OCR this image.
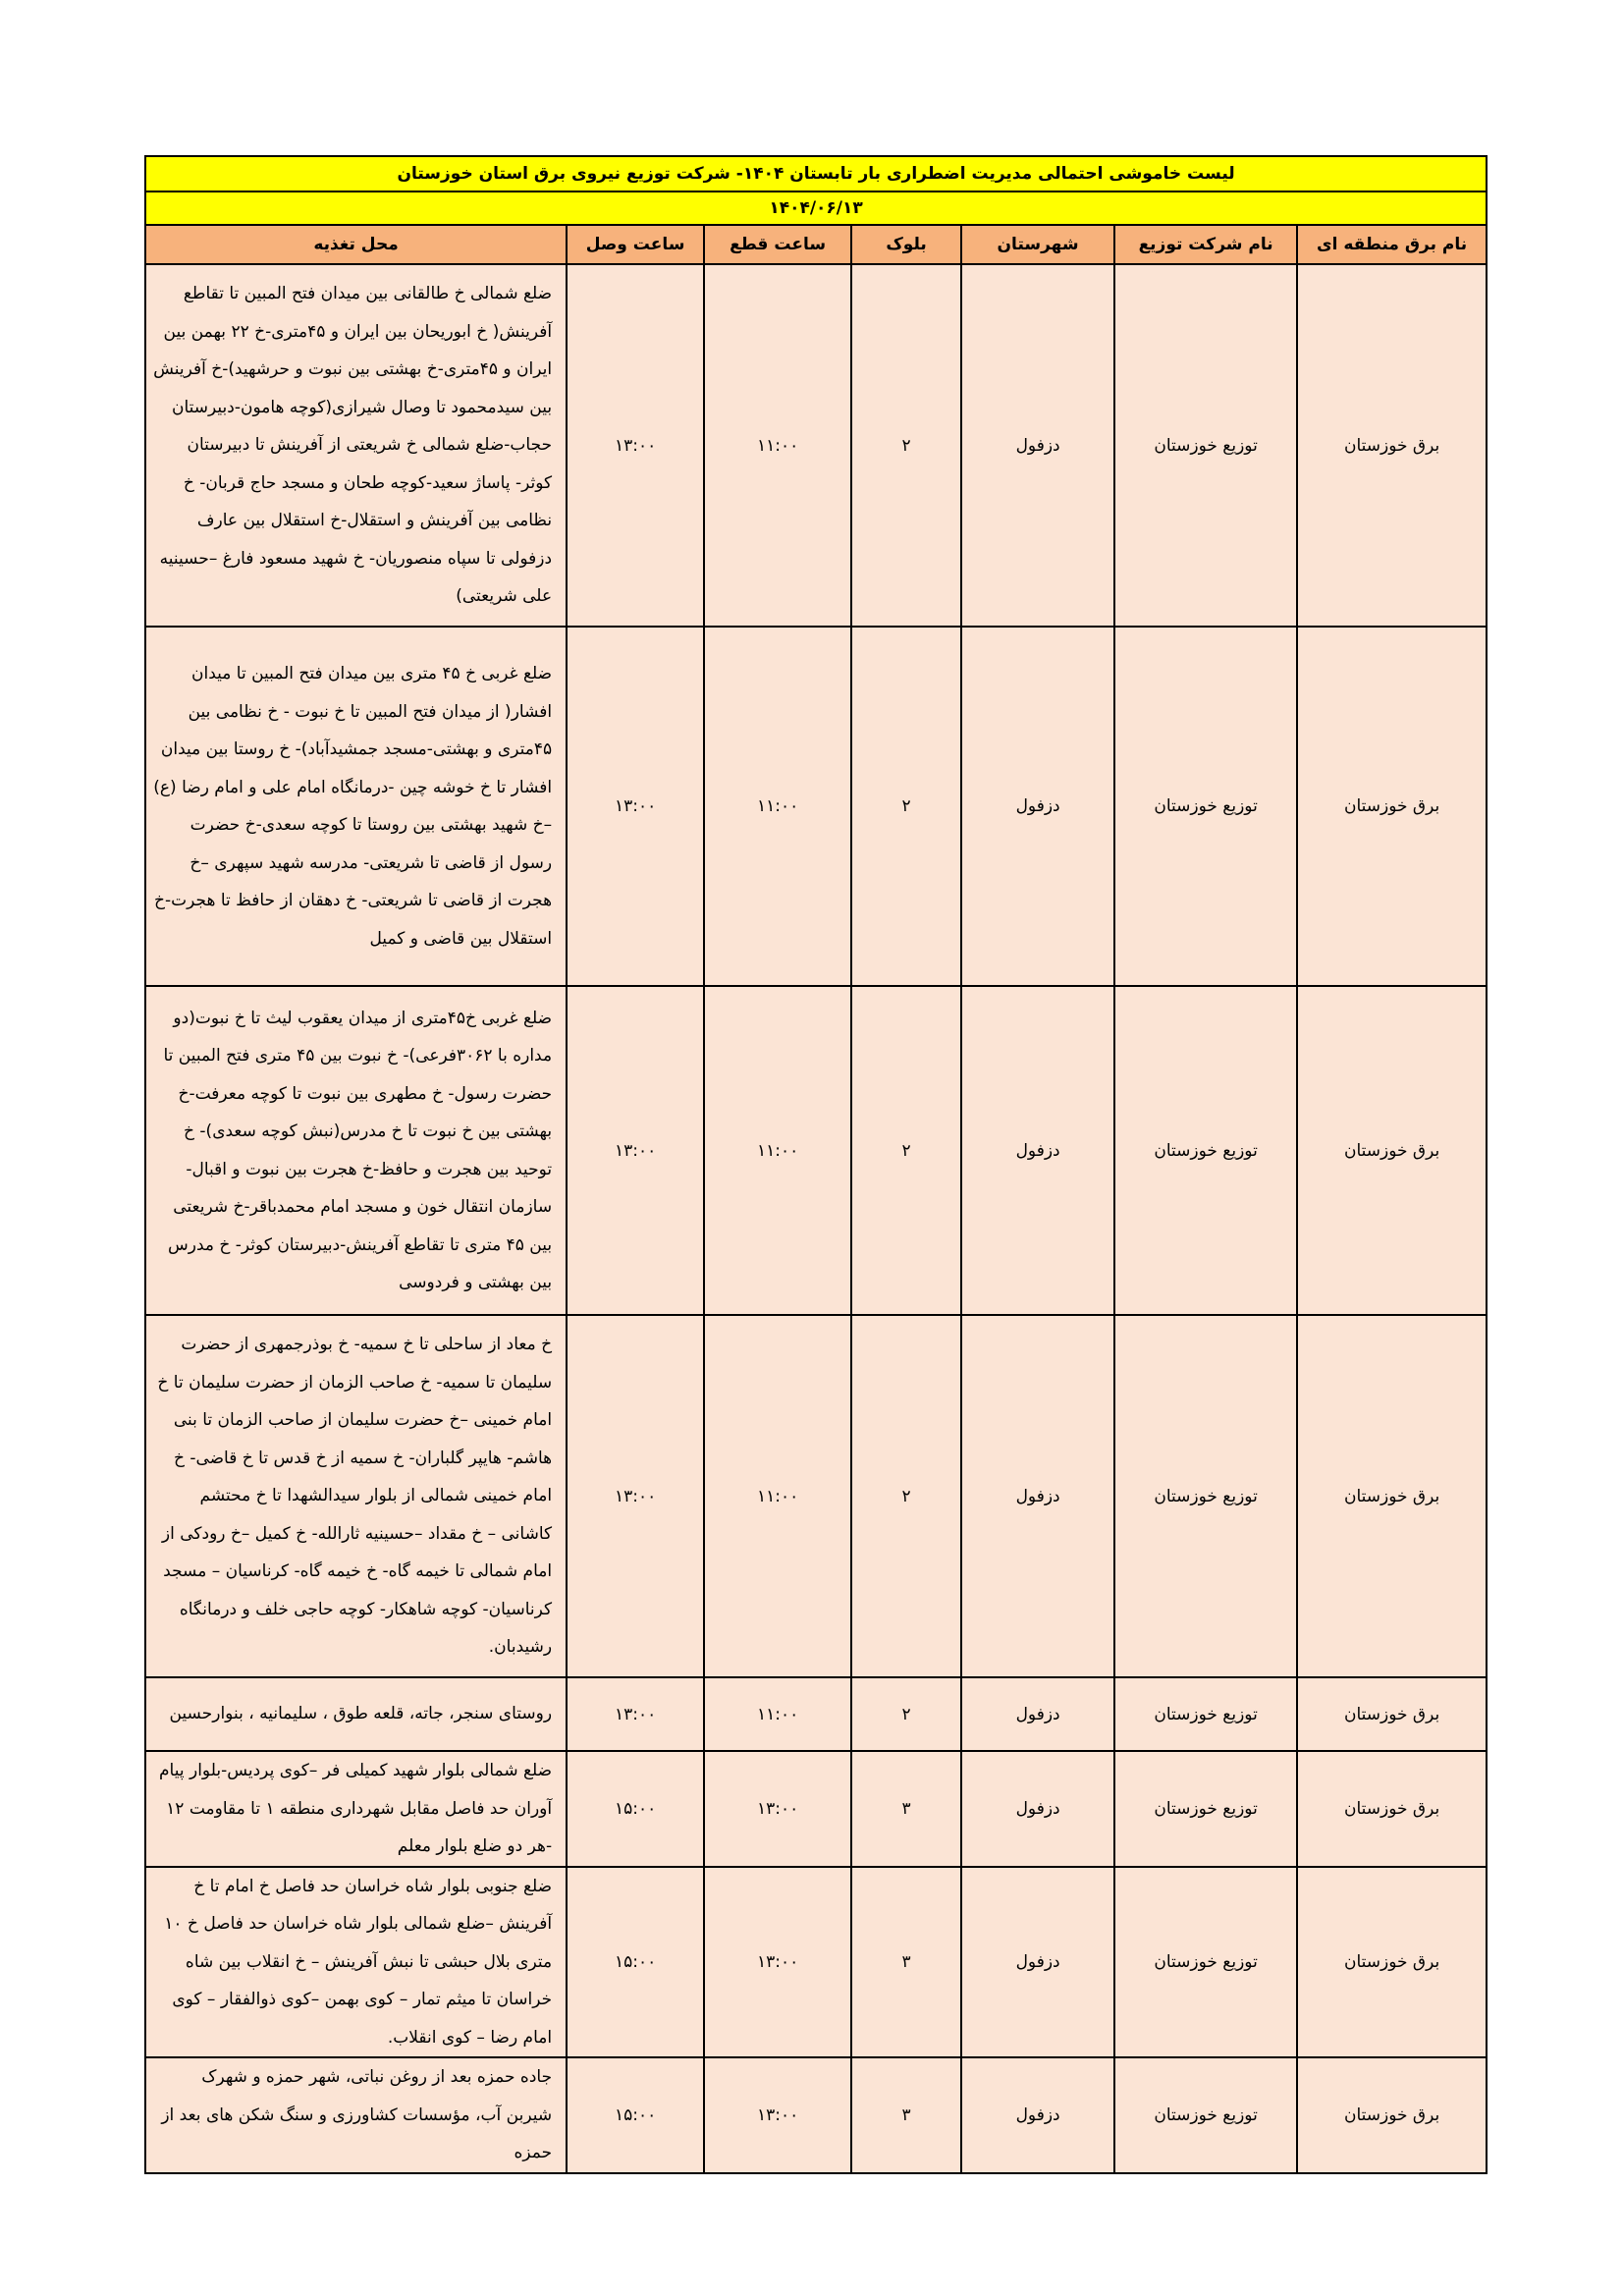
لیست خاموشی احتمالی مدیریت اضطراری بار تابستان ۱۴۰۴- شرکت توزیع نیروی برق استان خوزستان						
۱۴۰۴/۰۶/۱۳						
نام برق منطقه ای	نام شرکت توزیع	شهرستان	بلوک	ساعت قطع	ساعت وصل	محل تغذیه
برق خوزستان	توزیع خوزستان	دزفول	۲	۱۱:۰۰	۱۳:۰۰	ضلع شمالی خ طالقانی بین میدان فتح المبین تا تقاطع آفرینش( خ ابوریحان بین ایران و ۴۵متری-خ ۲۲ بهمن بین ایران و ۴۵متری-خ بهشتی بین نبوت و حرشهید)-خ آفرینش بین سیدمحمود تا وصال شیرازی(کوچه هامون-دبیرستان حجاب-ضلع شمالی خ شریعتی از آفرینش تا دبیرستان کوثر- پاساژ سعید-کوچه طحان و مسجد حاج قربان- خ نظامی بین آفرینش و استقلال-خ استقلال بین عارف دزفولی تا سپاه منصوریان- خ شهید مسعود فارغ –حسینیه علی شریعتی)
برق خوزستان	توزیع خوزستان	دزفول	۲	۱۱:۰۰	۱۳:۰۰	ضلع غربی خ ۴۵ متری بین میدان فتح المبین تا میدان افشار( از میدان فتح المبین تا خ نبوت - خ نظامی بین ۴۵متری و بهشتی-مسجد جمشیدآباد)- خ روستا بین میدان افشار تا خ خوشه چین -درمانگاه امام علی و امام رضا (ع) –خ شهید بهشتی بین روستا تا کوچه سعدی-خ حضرت رسول از قاضی تا شریعتی- مدرسه شهید سپهری –خ هجرت از قاضی تا شریعتی- خ دهقان از حافظ تا هجرت-خ استقلال بین قاضی و کمیل
برق خوزستان	توزیع خوزستان	دزفول	۲	۱۱:۰۰	۱۳:۰۰	ضلع غربی خ۴۵متری از میدان یعقوب لیث تا خ نبوت(دو مداره با ۳۰۶۲فرعی)- خ نبوت بین ۴۵ متری فتح المبین تا حضرت رسول- خ مطهری بین نبوت تا کوچه معرفت-خ بهشتی بین خ نبوت تا خ مدرس(نبش کوچه سعدی)- خ توحید بین هجرت و حافظ-خ هجرت بین نبوت و اقبال- سازمان انتقال خون و مسجد امام محمدباقر-خ شریعتی بین ۴۵ متری تا تقاطع آفرینش-دبیرستان کوثر- خ مدرس بین بهشتی و فردوسی
برق خوزستان	توزیع خوزستان	دزفول	۲	۱۱:۰۰	۱۳:۰۰	خ معاد از ساحلی تا خ سمیه- خ بوذرجمهری از حضرت سلیمان تا سمیه- خ صاحب الزمان از حضرت سلیمان تا خ امام خمینی –خ حضرت سلیمان از صاحب الزمان تا بنی هاشم- هایپر گلباران- خ سمیه از خ قدس تا خ قاضی- خ امام خمینی شمالی از بلوار سیدالشهدا تا خ محتشم کاشانی – خ مقداد –حسینیه ثارالله- خ کمیل –خ رودکی از امام شمالی تا خیمه گاه- خ خیمه گاه- کرناسیان – مسجد کرناسیان- کوچه شاهکار- کوچه حاجی خلف و درمانگاه رشیدبان.
برق خوزستان	توزیع خوزستان	دزفول	۲	۱۱:۰۰	۱۳:۰۰	روستای سنجر، جاته، قلعه طوق ، سلیمانیه ، بنوارحسین
برق خوزستان	توزیع خوزستان	دزفول	۳	۱۳:۰۰	۱۵:۰۰	ضلع شمالی بلوار شهید کمیلی فر –کوی پردیس-بلوار پیام آوران حد فاصل مقابل شهرداری منطقه ۱ تا مقاومت ۱۲ -هر دو ضلع بلوار معلم
برق خوزستان	توزیع خوزستان	دزفول	۳	۱۳:۰۰	۱۵:۰۰	ضلع جنوبی بلوار شاه خراسان حد فاصل خ امام تا خ آفرینش –ضلع شمالی بلوار شاه خراسان حد فاصل خ ۱۰ متری بلال حبشی تا نبش آفرینش – خ انقلاب بین شاه خراسان تا میثم تمار – کوی بهمن –کوی ذوالفقار – کوی امام رضا – کوی انقلاب.
برق خوزستان	توزیع خوزستان	دزفول	۳	۱۳:۰۰	۱۵:۰۰	جاده حمزه بعد از روغن نباتی، شهر حمزه و شهرک شیربن آب، مؤسسات کشاورزی و سنگ شکن های بعد از حمزه
